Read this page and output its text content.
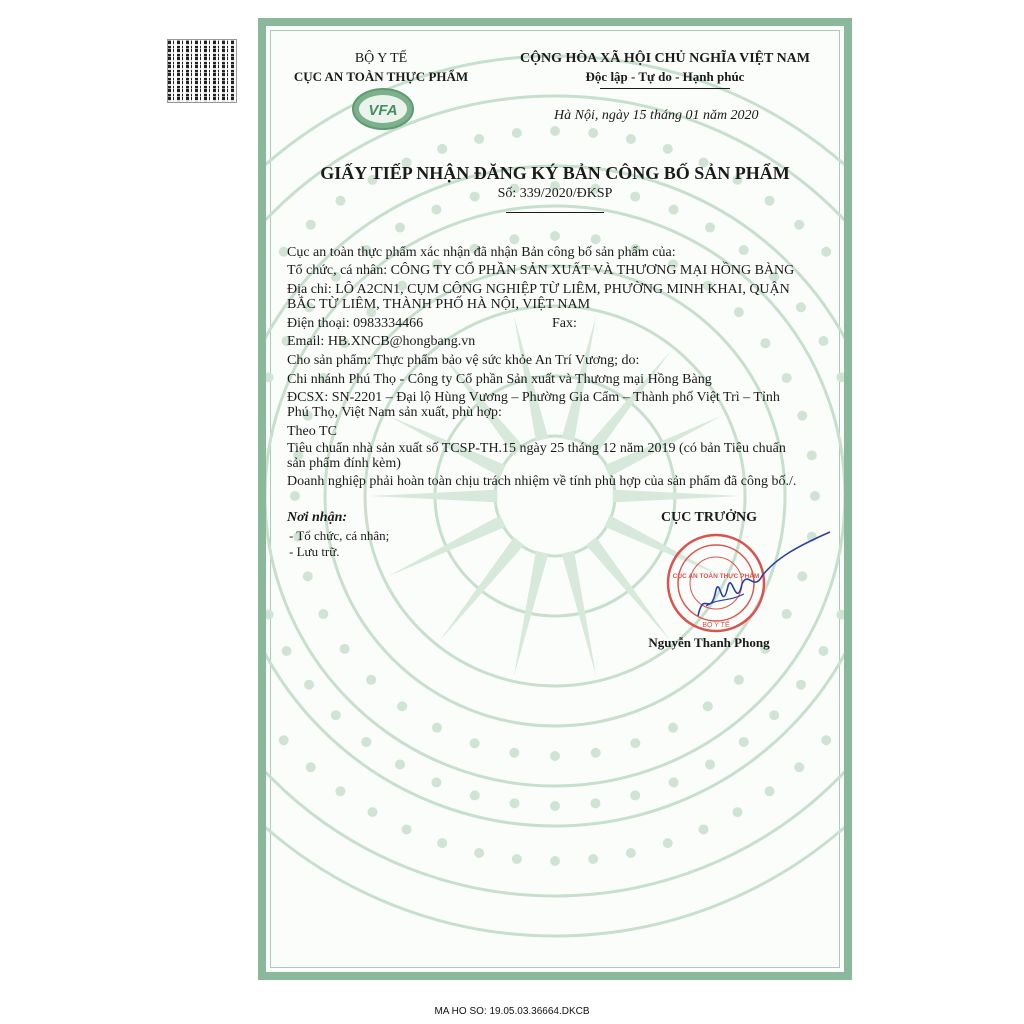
BỘ Y TẾ
CỤC AN TOÀN THỰC PHẨM
VFA
CỘNG HÒA XÃ HỘI CHỦ NGHĨA VIỆT NAM
Độc lập - Tự do - Hạnh phúc
Hà Nội, ngày 15 tháng 01 năm 2020
GIẤY TIẾP NHẬN ĐĂNG KÝ BẢN CÔNG BỐ SẢN PHẨM
Số: 339/2020/ĐKSP
Cục an toàn thực phẩm xác nhận đã nhận Bản công bố sản phẩm của:
Tổ chức, cá nhân: CÔNG TY CỔ PHẦN SẢN XUẤT VÀ THƯƠNG MẠI HỒNG BÀNG
Địa chỉ: LÔ A2CN1, CỤM CÔNG NGHIỆP TỪ LIÊM, PHƯỜNG MINH KHAI, QUẬN
BẮC TỪ LIÊM, THÀNH PHỐ HÀ NỘI, VIỆT NAM
Điện thoại: 0983334466	Fax:
Email: HB.XNCB@hongbang.vn
Cho sản phẩm: Thực phẩm bảo vệ sức khỏe An Trí Vương; do:
Chi nhánh Phú Thọ - Công ty Cổ phần Sản xuất và Thương mại Hồng Bàng
ĐCSX: SN-2201 – Đại lộ Hùng Vương – Phường Gia Cẩm – Thành phố Việt Trì – Tỉnh
Phú Thọ, Việt Nam sản xuất, phù hợp:
Theo TC
Tiêu chuẩn nhà sản xuất số TCSP-TH.15 ngày 25 tháng 12 năm 2019 (có bản Tiêu chuẩn
sản phẩm đính kèm)
Doanh nghiệp phải hoàn toàn chịu trách nhiệm về tính phù hợp của sản phẩm đã công bố./.
Nơi nhận:
- Tổ chức, cá nhân;
- Lưu trữ.
CỤC TRƯỞNG
CỤC AN TOÀN THỰC PHẨM
BỘ Y TẾ
Nguyễn Thanh Phong
MA HO SO: 19.05.03.36664.DKCB
